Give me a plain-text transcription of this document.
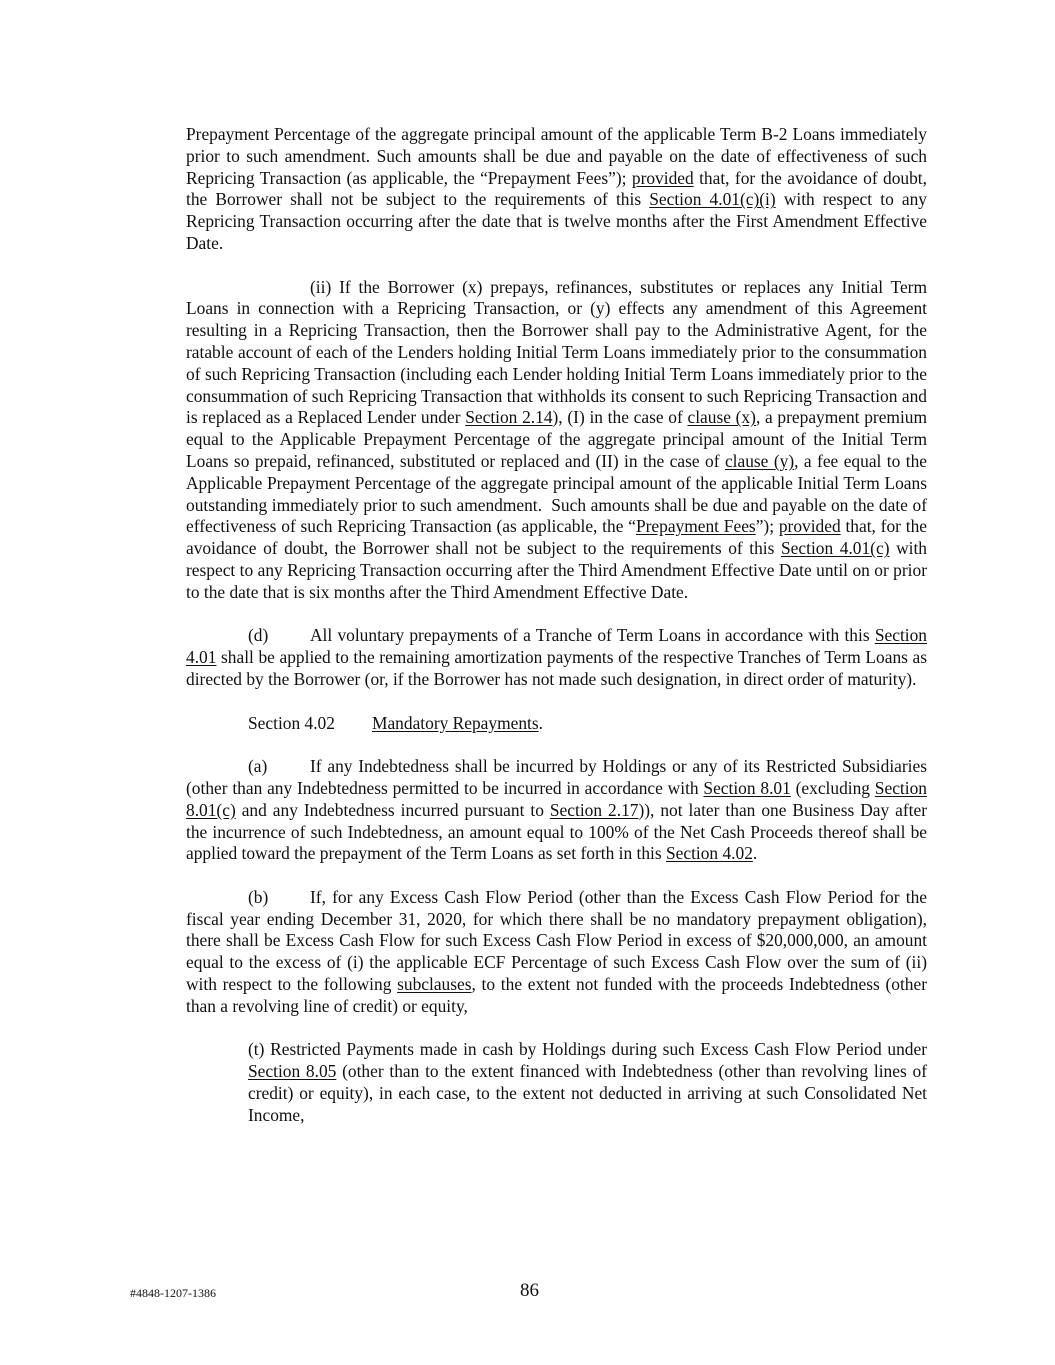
Prepayment Percentage of the aggregate principal amount of the applicable Term B-2 Loans immediately prior to such amendment. Such amounts shall be due and payable on the date of effectiveness of such Repricing Transaction (as applicable, the “Prepayment Fees”); provided that, for the avoidance of doubt, the Borrower shall not be subject to the requirements of this Section 4.01(c)(i) with respect to any Repricing Transaction occurring after the date that is twelve months after the First Amendment Effective Date.

(ii) If the Borrower (x) prepays, refinances, substitutes or replaces any Initial Term Loans in connection with a Repricing Transaction, or (y) effects any amendment of this Agreement resulting in a Repricing Transaction, then the Borrower shall pay to the Administrative Agent, for the ratable account of each of the Lenders holding Initial Term Loans immediately prior to the consummation of such Repricing Transaction (including each Lender holding Initial Term Loans immediately prior to the consummation of such Repricing Transaction that withholds its consent to such Repricing Transaction and is replaced as a Replaced Lender under Section 2.14), (I) in the case of clause (x), a prepayment premium equal to the Applicable Prepayment Percentage of the aggregate principal amount of the Initial Term Loans so prepaid, refinanced, substituted or replaced and (II) in the case of clause (y), a fee equal to the Applicable Prepayment Percentage of the aggregate principal amount of the applicable Initial Term Loans outstanding immediately prior to such amendment.  Such amounts shall be due and payable on the date of effectiveness of such Repricing Transaction (as applicable, the “Prepayment Fees”); provided that, for the avoidance of doubt, the Borrower shall not be subject to the requirements of this Section 4.01(c) with respect to any Repricing Transaction occurring after the Third Amendment Effective Date until on or prior to the date that is six months after the Third Amendment Effective Date.

(d) All voluntary prepayments of a Tranche of Term Loans in accordance with this Section 4.01 shall be applied to the remaining amortization payments of the respective Tranches of Term Loans as directed by the Borrower (or, if the Borrower has not made such designation, in direct order of maturity).

Section 4.02 Mandatory Repayments.

(a) If any Indebtedness shall be incurred by Holdings or any of its Restricted Subsidiaries (other than any Indebtedness permitted to be incurred in accordance with Section 8.01 (excluding Section 8.01(c) and any Indebtedness incurred pursuant to Section 2.17)), not later than one Business Day after the incurrence of such Indebtedness, an amount equal to 100% of the Net Cash Proceeds thereof shall be applied toward the prepayment of the Term Loans as set forth in this Section 4.02.

(b) If, for any Excess Cash Flow Period (other than the Excess Cash Flow Period for the fiscal year ending December 31, 2020, for which there shall be no mandatory prepayment obligation), there shall be Excess Cash Flow for such Excess Cash Flow Period in excess of $20,000,000, an amount equal to the excess of (i) the applicable ECF Percentage of such Excess Cash Flow over the sum of (ii) with respect to the following subclauses, to the extent not funded with the proceeds Indebtedness (other than a revolving line of credit) or equity,

(t) Restricted Payments made in cash by Holdings during such Excess Cash Flow Period under Section 8.05 (other than to the extent financed with Indebtedness (other than revolving lines of credit) or equity), in each case, to the extent not deducted in arriving at such Consolidated Net Income,

#4848-1207-1386	86
